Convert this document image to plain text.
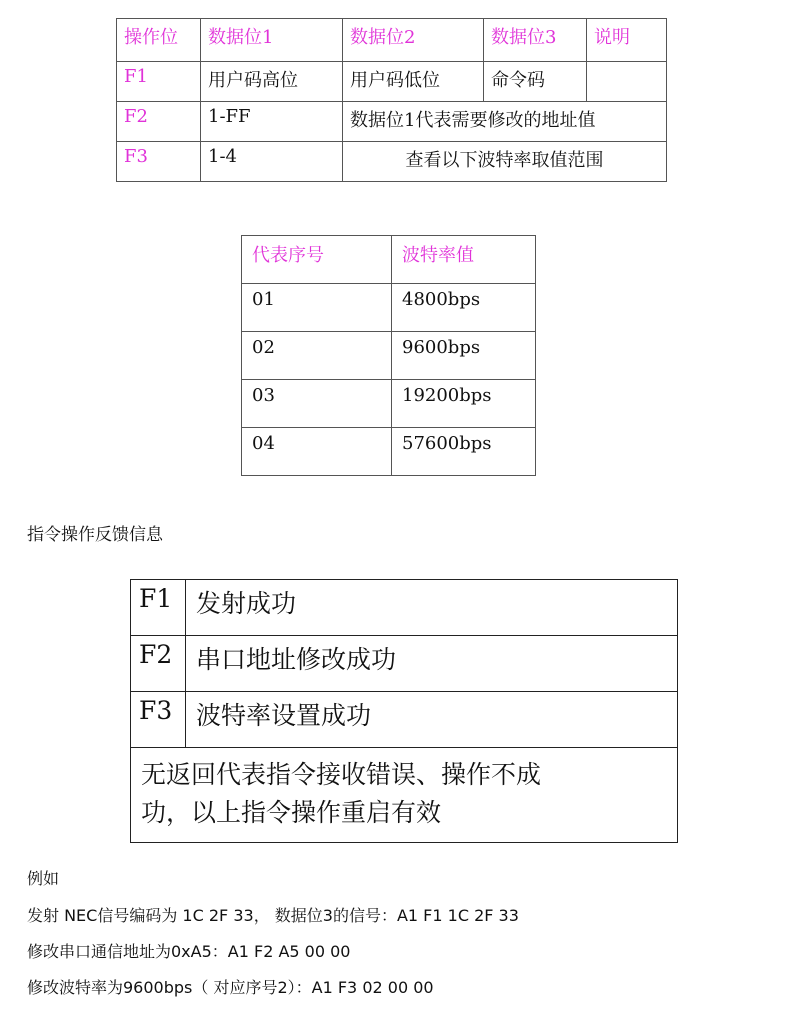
操作位	数据位1	数据位2	数据位3	说明
F1	用户码高位	用户码低位	命令码	
F2	1-FF	数据位1代表需要修改的地址值		
F3	1-4	查看以下波特率取值范围		
代表序号	波特率值
01	4800bps
02	9600bps
03	19200bps
04	57600bps
指令操作反馈信息
F1	发射成功
F2	串口地址修改成功
F3	波特率设置成功
无返回代表指令接收错误、操作不成
功，以上指令操作重启有效	
例如
发射 NEC信号编码为 1C 2F 33， 数据位3的信号：A1 F1 1C 2F 33
修改串口通信地址为0xA5：A1 F2 A5 00 00
修改波特率为9600bps（ 对应序号2）：A1 F3 02 00 00
